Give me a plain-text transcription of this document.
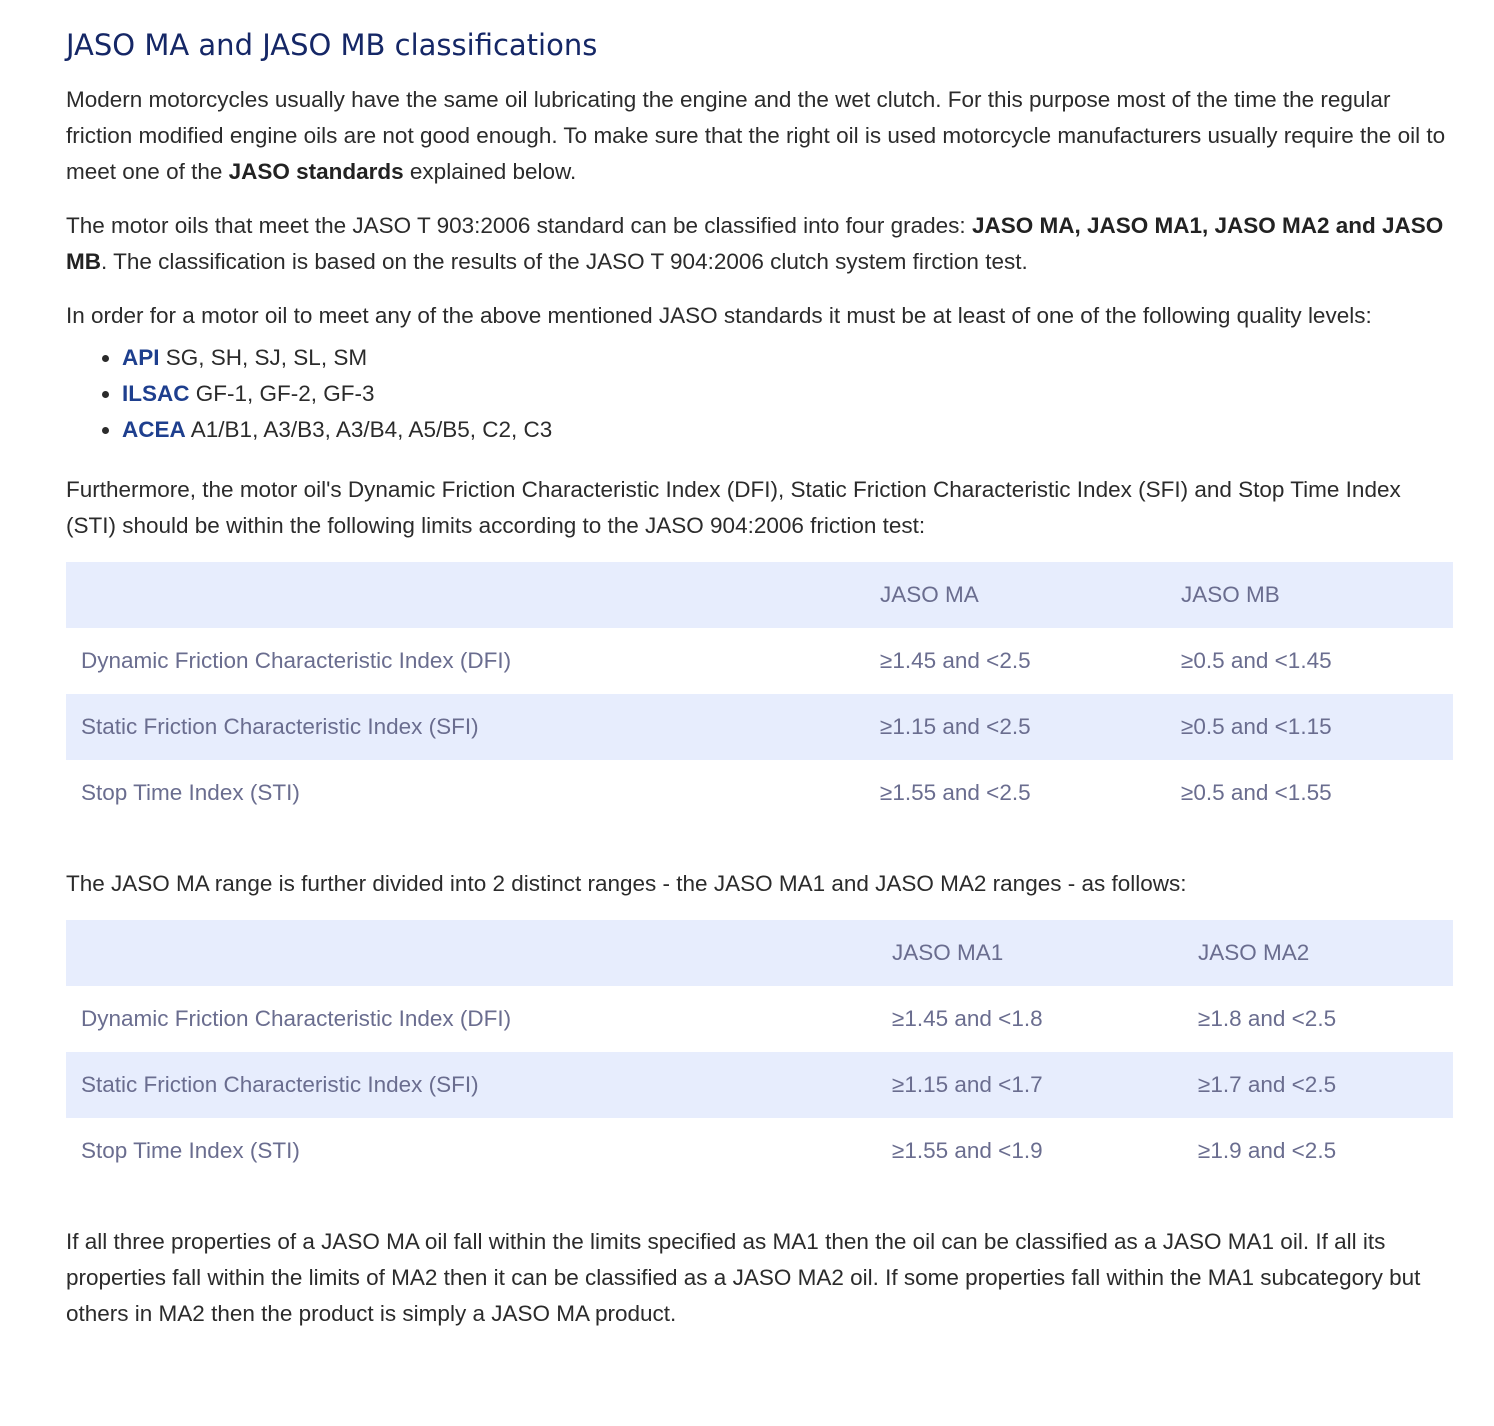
JASO MA and JASO MB classifications

Modern motorcycles usually have the same oil lubricating the engine and the wet clutch. For this purpose most of the time the regular friction modified engine oils are not good enough. To make sure that the right oil is used motorcycle manufacturers usually require the oil to meet one of the JASO standards explained below.

The motor oils that meet the JASO T 903:2006 standard can be classified into four grades: JASO MA, JASO MA1, JASO MA2 and JASO MB. The classification is based on the results of the JASO T 904:2006 clutch system firction test.

In order for a motor oil to meet any of the above mentioned JASO standards it must be at least of one of the following quality levels:

• API SG, SH, SJ, SL, SM
• ILSAC GF-1, GF-2, GF-3
• ACEA A1/B1, A3/B3, A3/B4, A5/B5, C2, C3

Furthermore, the motor oil's Dynamic Friction Characteristic Index (DFI), Static Friction Characteristic Index (SFI) and Stop Time Index (STI) should be within the following limits according to the JASO 904:2006 friction test:

	JASO MA	JASO MB
Dynamic Friction Characteristic Index (DFI)	≥1.45 and <2.5	≥0.5 and <1.45
Static Friction Characteristic Index (SFI)	≥1.15 and <2.5	≥0.5 and <1.15
Stop Time Index (STI)	≥1.55 and <2.5	≥0.5 and <1.55

The JASO MA range is further divided into 2 distinct ranges - the JASO MA1 and JASO MA2 ranges - as follows:

	JASO MA1	JASO MA2
Dynamic Friction Characteristic Index (DFI)	≥1.45 and <1.8	≥1.8 and <2.5
Static Friction Characteristic Index (SFI)	≥1.15 and <1.7	≥1.7 and <2.5
Stop Time Index (STI)	≥1.55 and <1.9	≥1.9 and <2.5

If all three properties of a JASO MA oil fall within the limits specified as MA1 then the oil can be classified as a JASO MA1 oil. If all its properties fall within the limits of MA2 then it can be classified as a JASO MA2 oil. If some properties fall within the MA1 subcategory but others in MA2 then the product is simply a JASO MA product.
